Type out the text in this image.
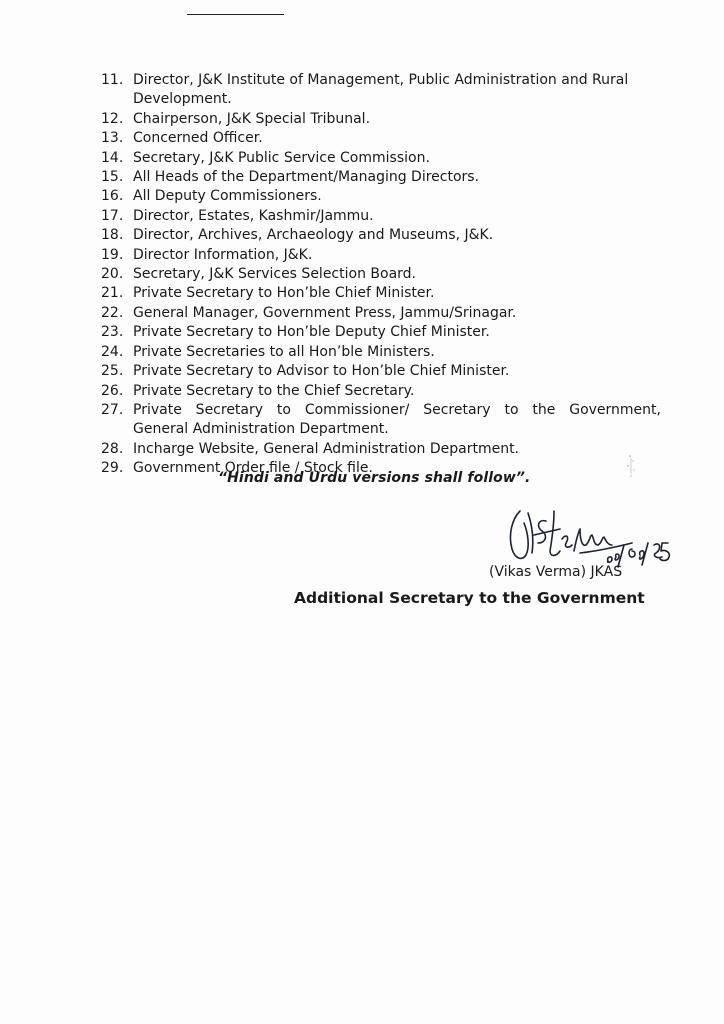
11. Director, J&K Institute of Management, Public Administration and Rural
Development.
12. Chairperson, J&K Special Tribunal.
13. Concerned Officer.
14. Secretary, J&K Public Service Commission.
15. All Heads of the Department/Managing Directors.
16. All Deputy Commissioners.
17. Director, Estates, Kashmir/Jammu.
18. Director, Archives, Archaeology and Museums, J&K.
19. Director Information, J&K.
20. Secretary, J&K Services Selection Board.
21. Private Secretary to Hon’ble Chief Minister.
22. General Manager, Government Press, Jammu/Srinagar.
23. Private Secretary to Hon’ble Deputy Chief Minister.
24. Private Secretaries to all Hon’ble Ministers.
25. Private Secretary to Advisor to Hon’ble Chief Minister.
26. Private Secretary to the Chief Secretary.
27. Private Secretary to Commissioner/ Secretary to the Government,
General Administration Department.
28. Incharge Website, General Administration Department.
29. Government Order file / Stock file.
“Hindi and Urdu versions shall follow”.
(Vikas Verma) JKAS
Additional Secretary to the Government
